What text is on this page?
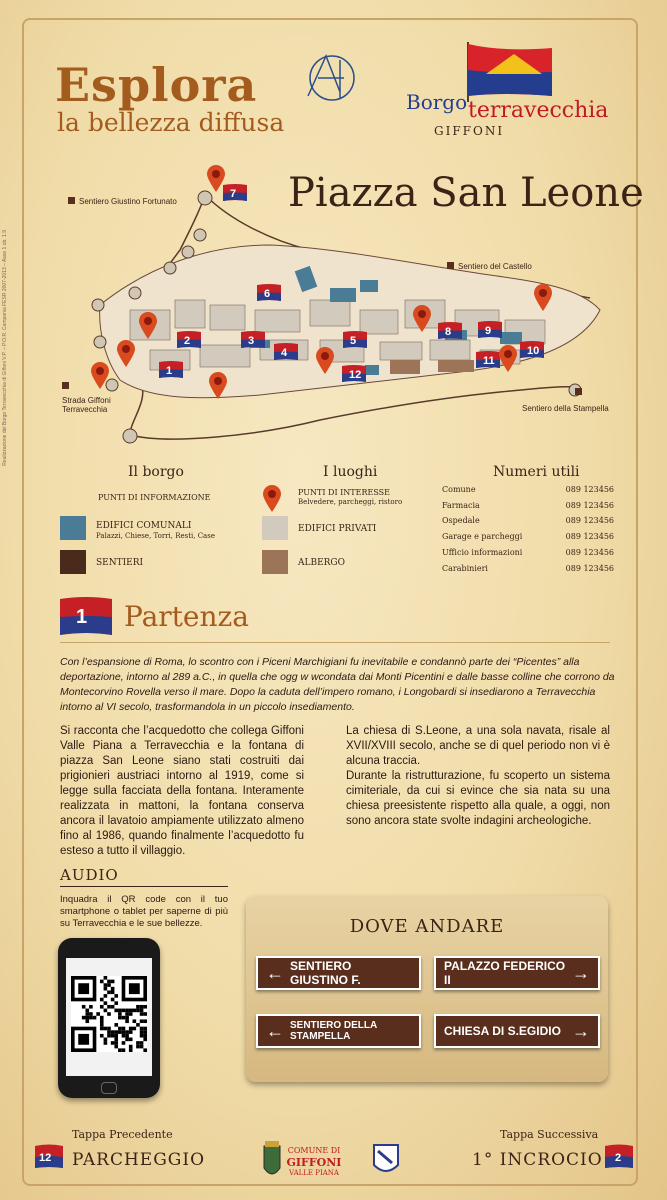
Esplora
la bellezza diffusa
Realizzazione del Borgo Terravecchia di Giffoni V.P. – P.O.R. Campania FESR 2007-2013 – Asse 1 ob. 1.9
Borgo terravecchia
GIFFONI
Piazza San Leone
Sentiero Giustino Fortunato
Sentiero del Castello
Strada Giffoni
Terravecchia	Sentiero della Stampella
7
6
2	3
4
5
1	12
8	9
11
10
Il borgo	I luoghi	Numeri utili
PUNTI DI INFORMAZIONE
EDIFICI COMUNALI
Palazzi, Chiese, Torri, Resti, Case
SENTIERI
PUNTI DI INTERESSE
Belvedere, parcheggi, ristoro
EDIFICI PRIVATI
ALBERGO
Comune	089 123456
Farmacia	089 123456
Ospedale	089 123456
Garage e parcheggi	089 123456
Ufficio informazioni	089 123456
Carabinieri	089 123456
1 Partenza
Con l’espansione di Roma, lo scontro con i Piceni Marchigiani fu inevitabile e condannò parte dei “Picentes” alla deportazione, intorno al 289 a.C., in quella che ogg w wcondata dai Monti Picentini e dalle basse colline che corrono da Montecorvino Rovella verso il mare. Dopo la caduta dell’impero romano, i Longobardi si insediarono a Terravecchia intorno al VI secolo, trasformandola in un piccolo insediamento.
Si racconta che l’acquedotto che collega Giffoni Valle Piana a Terravecchia e la fontana di piazza San Leone siano stati costruiti dai prigionieri austriaci intorno al 1919, come si legge sulla facciata della fontana. Interamente realizzata in mattoni, la fontana conserva ancora il lavatoio ampiamente utilizzato almeno fino al 1986, quando finalmente l’acquedotto fu esteso a tutto il villaggio.
La chiesa di S.Leone, a una sola navata, risale al XVII/XVIII secolo, anche se di quel periodo non vi è alcuna traccia.
Durante la ristrutturazione, fu scoperto un sistema cimiteriale, da cui si evince che sia nata su una chiesa preesistente rispetto alla quale, a oggi, non sono ancora state svolte indagini archeologiche.
AUDIO
Inquadra il QR code con il tuo smartphone o tablet per saperne di più su Terravecchia e le sue bellezze.	DOVE ANDARE
← SENTIERO GIUSTINO F.
PALAZZO FEDERICO II	→
← SENTIERO DELLA STAMPELLA	CHIESA DI S.EGIDIO →
Tappa Precedente
12 PARCHEGGIO	COMUNE DI
GIFFONI
VALLE PIANA
Tappa Successiva
1° INCROCIO 2
